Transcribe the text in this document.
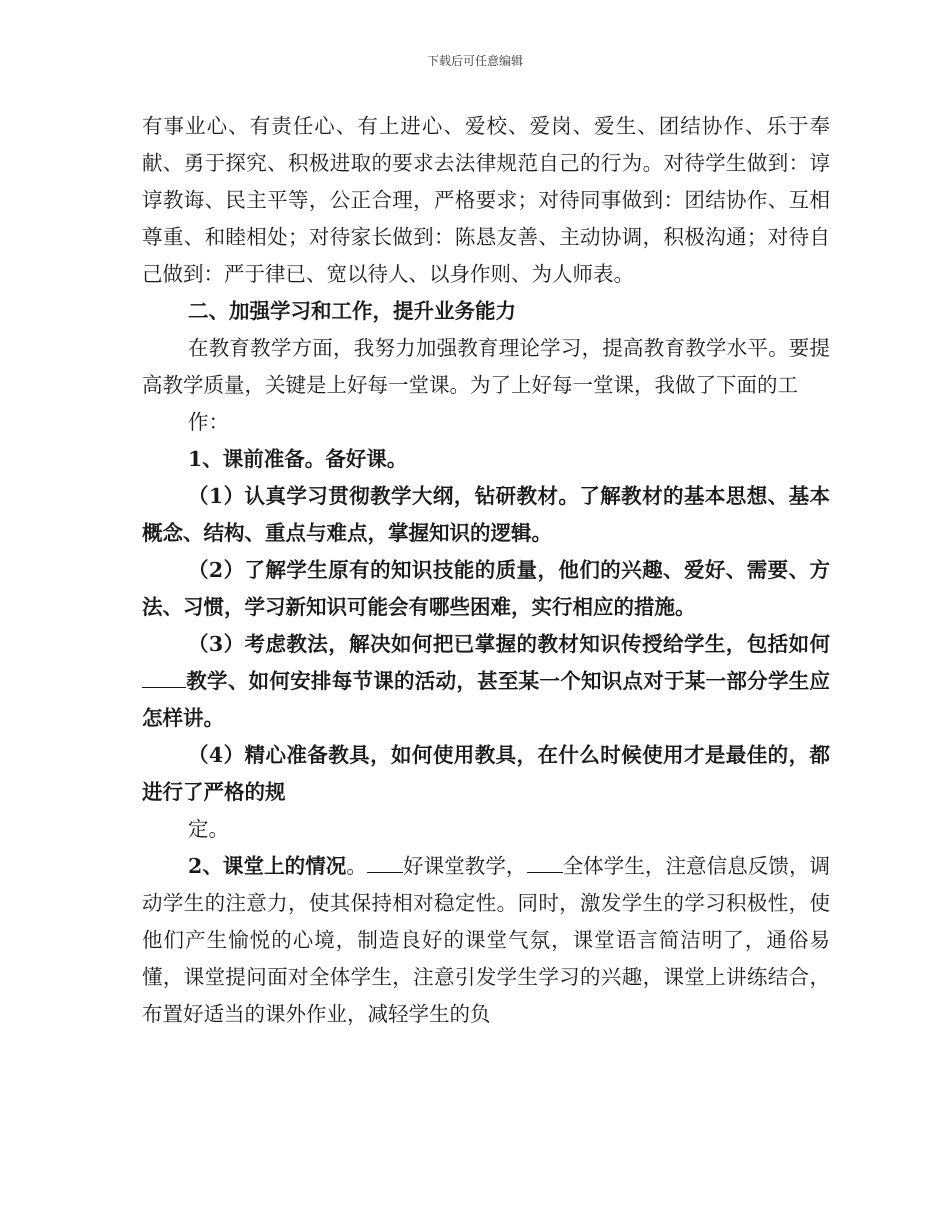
下载后可任意编辑

有事业心、有责任心、有上进心、爱校、爱岗、爱生、团结协作、乐于奉献、勇于探究、积极进取的要求去法律规范自己的行为。对待学生做到：谆谆教诲、民主平等，公正合理，严格要求；对待同事做到：团结协作、互相尊重、和睦相处；对待家长做到：陈恳友善、主动协调，积极沟通；对待自己做到：严于律已、宽以待人、以身作则、为人师表。

二、加强学习和工作，提升业务能力

在教育教学方面，我努力加强教育理论学习，提高教育教学水平。要提高教学质量，关键是上好每一堂课。为了上好每一堂课，我做了下面的工

作：

1、课前准备。备好课。

（1）认真学习贯彻教学大纲，钻研教材。了解教材的基本思想、基本概念、结构、重点与难点，掌握知识的逻辑。

（2）了解学生原有的知识技能的质量，他们的兴趣、爱好、需要、方法、习惯，学习新知识可能会有哪些困难，实行相应的措施。

（3）考虑教法，解决如何把已掌握的教材知识传授给学生，包括如何教学、如何安排每节课的活动，甚至某一个知识点对于某一部分学生应怎样讲。

（4）精心准备教具，如何使用教具，在什么时候使用才是最佳的，都进行了严格的规

定。

2、课堂上的情况。 好课堂教学， 全体学生，注意信息反馈，调动学生的注意力，使其保持相对稳定性。同时，激发学生的学习积极性，使他们产生愉悦的心境，制造良好的课堂气氛，课堂语言简洁明了，通俗易懂，课堂提问面对全体学生，注意引发学生学习的兴趣，课堂上讲练结合，布置好适当的课外作业，减轻学生的负
